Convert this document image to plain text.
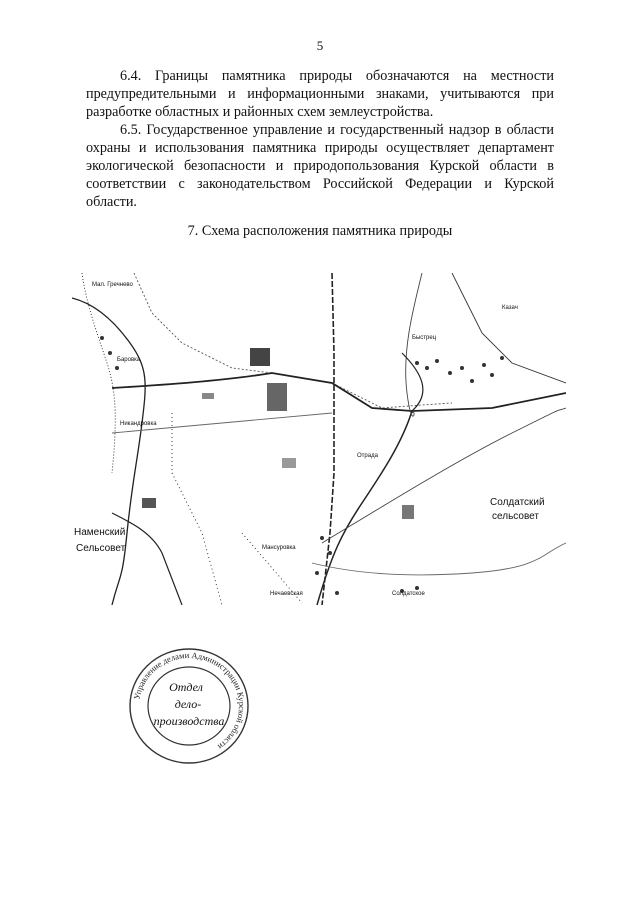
5

6.4. Границы памятника природы обозначаются на местности предупредительными и информационными знаками, учитываются при разработке областных и районных схем землеустройства.

6.5. Государственное управление и государственный надзор в области охраны и использования памятника природы осуществляет департамент экологической безопасности и природопользования Курской области в соответствии с законодательством Российской Федерации и Курской области.

7. Схема расположения памятника природы
Мал. Гречнево
Баровка
Никандровка
Быстрец
Казач
Отрада
Мансуровка
Нечаевская	Солдатское
Солдатский
сельсовет
Наменский
Сельсовет
Управление делами Администрации Курской области
Отдел
дело-
производства
